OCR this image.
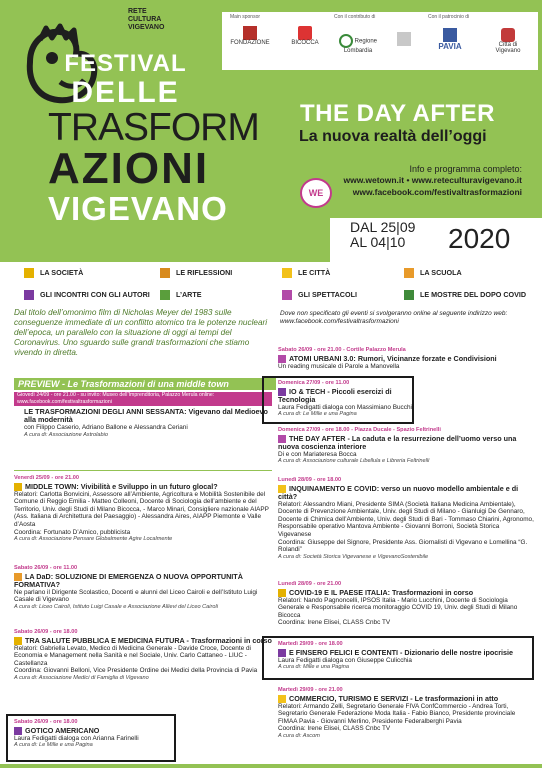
RETE
CULTURA
VIGEVANO
FESTIVAL
DELLE
TRASFORM
AZIONI
VIGEVANO
Main sponsor	Con il contributo di	Con il patrocinio di

FONDAZIONE	BICOCCA	Regione Lombardia	PAVIA	Città di Vigevano
THE DAY AFTER
La nuova realtà dell’oggi
WE
Info e programma completo:
www.wetown.it • www.reteculturavigevano.it
www.facebook.com/festivaltrasformazioni
DAL 25|09
AL 04|10	2020
LA SOCIETÀ	LE RIFLESSIONI	LE CITTÀ	LA SCUOLA
GLI INCONTRI CON GLI AUTORI	L’ARTE	GLI SPETTACOLI	LE MOSTRE DEL DOPO COVID
Dal titolo dell’omonimo film di Nicholas Meyer del 1983 sulle conseguenze immediate di un conflitto atomico tra le potenze nucleari dell’epoca, un parallelo con la situazione di oggi ai tempi del Coronavirus. Uno sguardo sulle grandi trasformazioni che stiamo vivendo in diretta.
Dove non specificato gli eventi si svolgeranno online al seguente indirizzo web: www.facebook.com/festivaltrasformazioni
PREVIEW - Le Trasformazioni di una middle town
Giovedì 24/09 - ore 21.00 - su invito: Museo dell’Imprenditoria, Palazzo Merula online: www.facebook.com/festivaltrasformazioni
LE TRASFORMAZIONI DEGLI ANNI SESSANTA: Vigevano dal Medioevo alla modernità
con Filippo Caserio, Adriano Ballone e Alessandra Ceriani
A cura di: Associazione Astrolabio
Venerdì 25/09 - ore 21.00
MIDDLE TOWN: Vivibilità e Sviluppo in un futuro glocal?
Relatori: Carlotta Bonvicini, Assessore all’Ambiente, Agricoltura e Mobilità Sostenibile del Comune di Reggio Emilia - Matteo Colleoni, Docente di Sociologia dell’ambiente e del Territorio, Univ. degli Studi di Milano Bicocca, - Marco Minari, Consigliere nazionale AIAPP (Ass. Italiana di Architettura del Paesaggio) - Alessandra Aires, AIAPP Piemonte e Valle d’Aosta
Coordina: Fortunato D’Amico, pubblicista
A cura di: Associazione Pensare Globalmente Agire Localmente
Sabato 26/09 - ore 11.00
LA DaD: SOLUZIONE DI EMERGENZA O NUOVA OPPORTUNITÀ FORMATIVA?
Ne parlano il Dirigente Scolastico, Docenti e alunni del Liceo Cairoli e dell’Istituto Luigi Casale di Vigevano
A cura di: Liceo Cairoli, Istituto Luigi Casale e Associazione Allievi del Liceo Cairoli
Sabato 26/09 - ore 18.00
TRA SALUTE PUBBLICA E MEDICINA FUTURA - Trasformazioni in corso
Relatori: Gabriella Levato, Medico di Medicina Generale - Davide Croce, Docente di Economia e Management nella Sanità e nel Sociale, Univ. Carlo Cattaneo - LIUC - Castellanza
Coordina: Giovanni Belloni, Vice Presidente Ordine dei Medici della Provincia di Pavia
A cura di: Associazione Medici di Famiglia di Vigevano
Sabato 26/09 - ore 18.00
GOTICO AMERICANO
Laura Fedigatti dialoga con Arianna Farinelli
A cura di: Le Mille e una Pagina
Sabato 26/09 - ore 21.00 - Cortile Palazzo Merula
ATOMI URBANI 3.0: Rumori, Vicinanze forzate e Condivisioni
Un reading musicale di Parole a Manovella
Domenica 27/09 - ore 11.00
IO & TECH - Piccoli esercizi di Tecnologia
Laura Fedigatti dialoga con Massimiano Bucchi
A cura di: Le Mille e una Pagina
Domenica 27/09 - ore 18.00 - Piazza Ducale - Spazio Feltrinelli
THE DAY AFTER - La caduta e la resurrezione dell’uomo verso una nuova coscienza interiore
Di e con Mariateresa Bocca
A cura di: Associazione culturale Libellula e Libreria Feltrinelli
Lunedì 28/09 - ore 18.00
INQUINAMENTO E COVID: verso un nuovo modello ambientale e di città?
Relatori: Alessandro Miani, Presidente SIMA (Società Italiana Medicina Ambientale), Docente di Prevenzione Ambientale, Univ. degli Studi di Milano - Gianluigi De Gennaro, Docente di Chimica dell’Ambiente, Univ. degli Studi di Bari - Tommaso Chiarini, Agronomo, Responsabile operativo Mantova Ambiente - Giovanni Borroni, Società Storica Vigevanese
Coordina: Giuseppe del Signore, Presidente Ass. Giornalisti di Vigevano e Lomellina “G. Rolandi”
A cura di: Società Storica Vigevanese e VigevanoSostenibile
Lunedì 28/09 - ore 21.00
COVID-19 E IL PAESE ITALIA: Trasformazioni in corso
Relatori: Nando Pagnoncelli, IPSOS Italia - Mario Lucchini, Docente di Sociologia Generale e Responsabile ricerca monitoraggio COVID 19, Univ. degli Studi di Milano Bicocca
Coordina: Irene Elisei, CLASS Cnbc TV
Martedì 29/09 - ore 18.00
E FINSERO FELICI E CONTENTI - Dizionario delle nostre ipocrisie
Laura Fedigatti dialoga con Giuseppe Culicchia
A cura di: Mille e una Pagina
Martedì 29/09 - ore 21.00
COMMERCIO, TURISMO E SERVIZI - Le trasformazioni in atto
Relatori: Armando Zelli, Segretario Generale FIVA ConfCommercio - Andrea Torti, Segretario Generale Federazione Moda Italia - Fabio Bianco, Presidente provinciale FIMAA Pavia - Giovanni Merlino, Presidente Federalberghi Pavia
Coordina: Irene Elisei, CLASS Cnbc TV
A cura di: Ascom
